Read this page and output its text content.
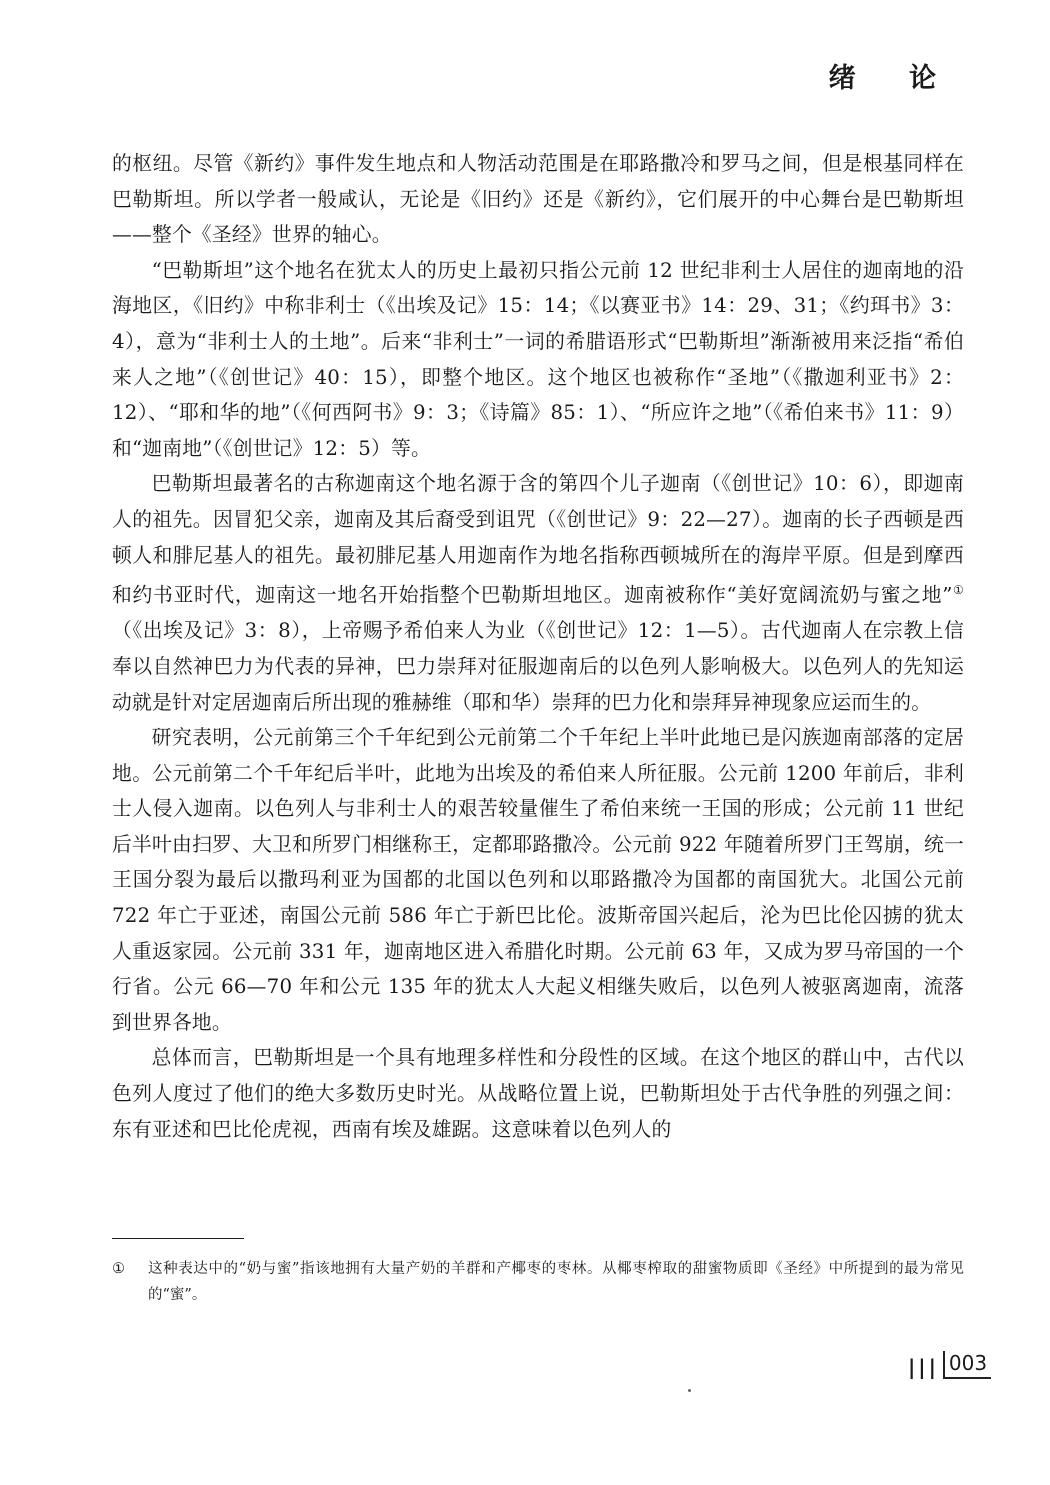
绪 论

的枢纽。尽管《新约》事件发生地点和人物活动范围是在耶路撒冷和罗马之间，但是根基同样在巴勒斯坦。所以学者一般咸认，无论是《旧约》还是《新约》，它们展开的中心舞台是巴勒斯坦——整个《圣经》世界的轴心。

“巴勒斯坦”这个地名在犹太人的历史上最初只指公元前 12 世纪非利士人居住的迦南地的沿海地区，《旧约》中称非利士（《出埃及记》15：14；《以赛亚书》14：29、31；《约珥书》3：4），意为“非利士人的土地”。后来“非利士”一词的希腊语形式“巴勒斯坦”渐渐被用来泛指“希伯来人之地”（《创世记》40：15），即整个地区。这个地区也被称作“圣地”（《撒迦利亚书》2：12）、“耶和华的地”（《何西阿书》9：3；《诗篇》85：1）、“所应许之地”（《希伯来书》11：9）和“迦南地”（《创世记》12：5）等。

巴勒斯坦最著名的古称迦南这个地名源于含的第四个儿子迦南（《创世记》10：6），即迦南人的祖先。因冒犯父亲，迦南及其后裔受到诅咒（《创世记》9：22—27）。迦南的长子西顿是西顿人和腓尼基人的祖先。最初腓尼基人用迦南作为地名指称西顿城所在的海岸平原。但是到摩西和约书亚时代，迦南这一地名开始指整个巴勒斯坦地区。迦南被称作“美好宽阔流奶与蜜之地”①（《出埃及记》3：8），上帝赐予希伯来人为业（《创世记》12：1—5）。古代迦南人在宗教上信奉以自然神巴力为代表的异神，巴力崇拜对征服迦南后的以色列人影响极大。以色列人的先知运动就是针对定居迦南后所出现的雅赫维（耶和华）崇拜的巴力化和崇拜异神现象应运而生的。

研究表明，公元前第三个千年纪到公元前第二个千年纪上半叶此地已是闪族迦南部落的定居地。公元前第二个千年纪后半叶，此地为出埃及的希伯来人所征服。公元前 1200 年前后，非利士人侵入迦南。以色列人与非利士人的艰苦较量催生了希伯来统一王国的形成；公元前 11 世纪后半叶由扫罗、大卫和所罗门相继称王，定都耶路撒冷。公元前 922 年随着所罗门王驾崩，统一王国分裂为最后以撒玛利亚为国都的北国以色列和以耶路撒冷为国都的南国犹大。北国公元前 722 年亡于亚述，南国公元前 586 年亡于新巴比伦。波斯帝国兴起后，沦为巴比伦囚掳的犹太人重返家园。公元前 331 年，迦南地区进入希腊化时期。公元前 63 年，又成为罗马帝国的一个行省。公元 66—70 年和公元 135 年的犹太人大起义相继失败后，以色列人被驱离迦南，流落到世界各地。

总体而言，巴勒斯坦是一个具有地理多样性和分段性的区域。在这个地区的群山中，古代以色列人度过了他们的绝大多数历史时光。从战略位置上说，巴勒斯坦处于古代争胜的列强之间：东有亚述和巴比伦虎视，西南有埃及雄踞。这意味着以色列人的

①	这种表达中的“奶与蜜”指该地拥有大量产奶的羊群和产椰枣的枣林。从椰枣榨取的甜蜜物质即《圣经》中所提到的最为常见的“蜜”。
||| 003
